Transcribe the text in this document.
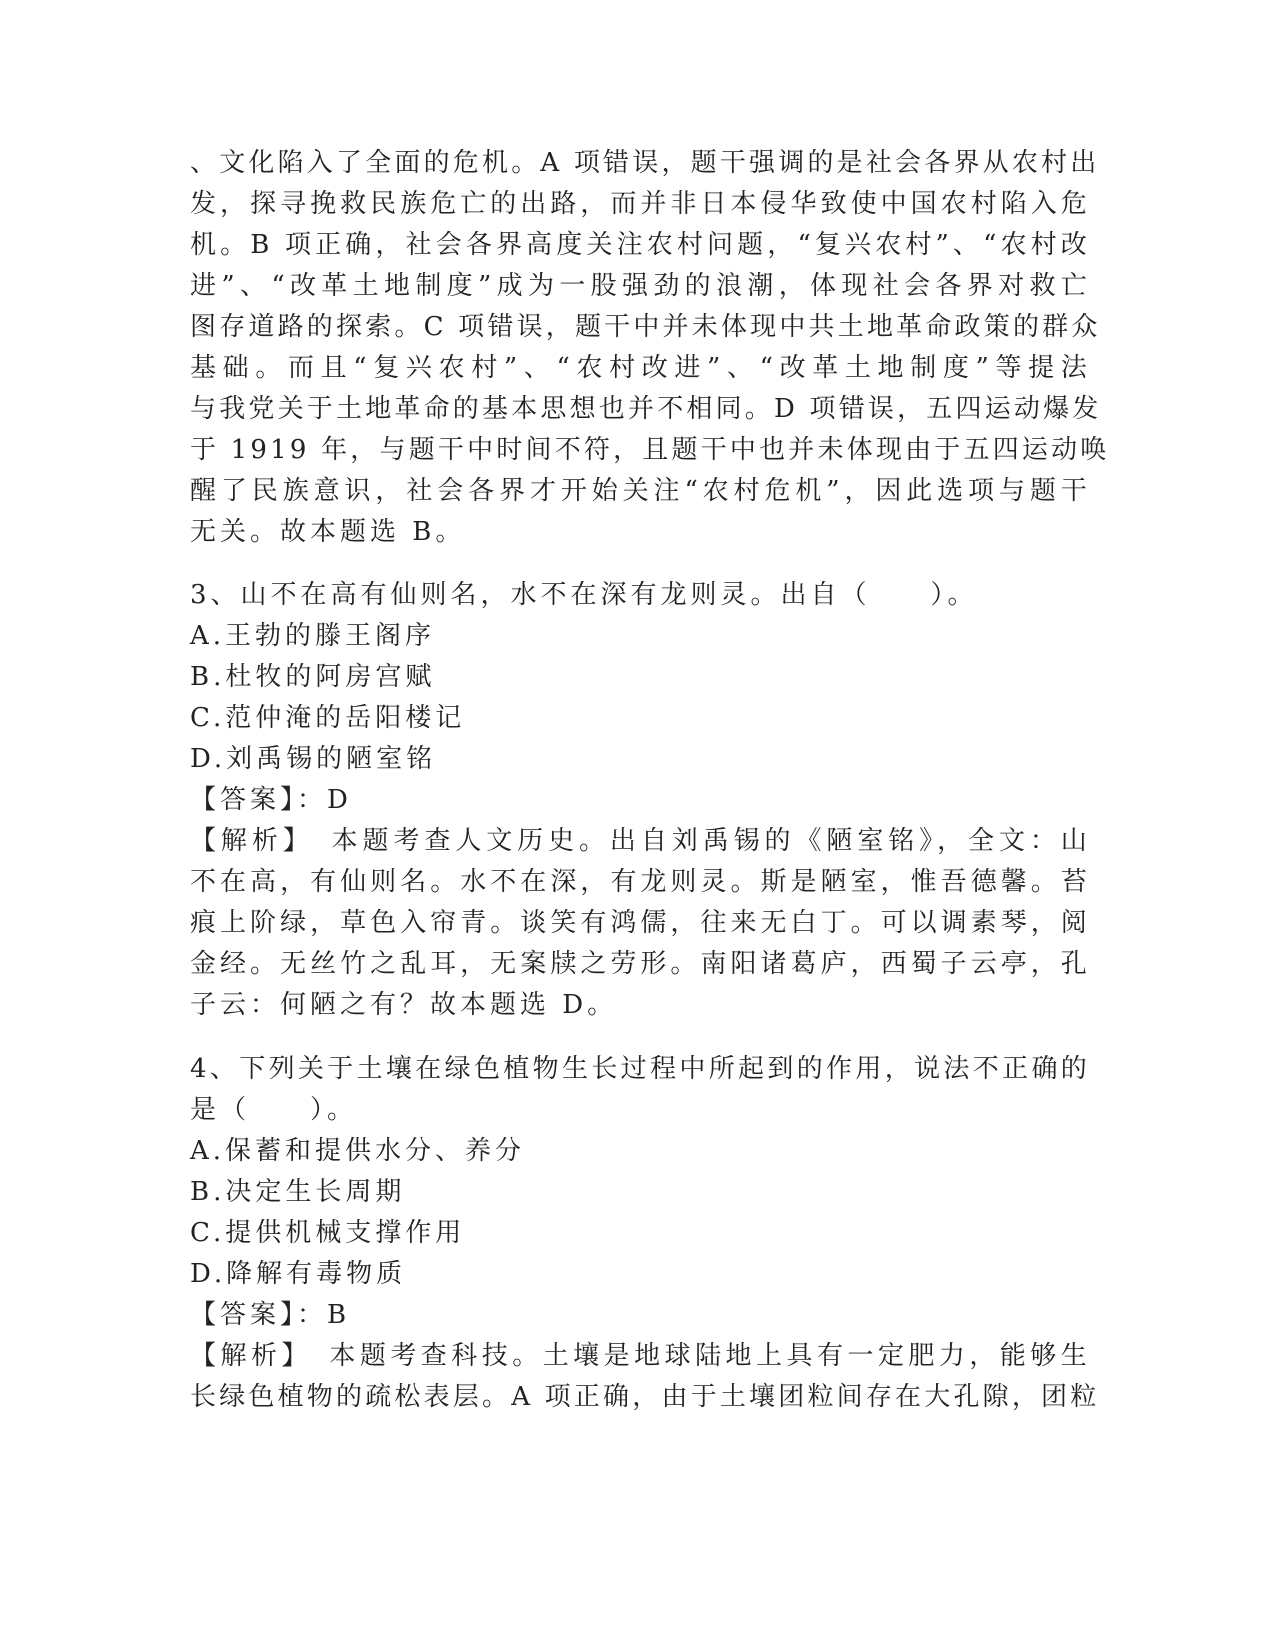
、文化陷入了全面的危机。A 项错误，题干强调的是社会各界从农村出
发，探寻挽救民族危亡的出路，而并非日本侵华致使中国农村陷入危
机。B 项正确，社会各界高度关注农村问题，“复兴农村”、“农村改
进”、“改革土地制度”成为一股强劲的浪潮，体现社会各界对救亡
图存道路的探索。C 项错误，题干中并未体现中共土地革命政策的群众
基础。而且“复兴农村”、“农村改进”、“改革土地制度”等提法
与我党关于土地革命的基本思想也并不相同。D 项错误，五四运动爆发
于 1919 年，与题干中时间不符，且题干中也并未体现由于五四运动唤
醒了民族意识，社会各界才开始关注“农村危机”，因此选项与题干
无关。故本题选 B。
3、山不在高有仙则名，水不在深有龙则灵。出自（　　）。
A.王勃的滕王阁序
B.杜牧的阿房宫赋
C.范仲淹的岳阳楼记
D.刘禹锡的陋室铭
【答案】：D
【解析】　本题考查人文历史。出自刘禹锡的《陋室铭》，全文：山
不在高，有仙则名。水不在深，有龙则灵。斯是陋室，惟吾德馨。苔
痕上阶绿，草色入帘青。谈笑有鸿儒，往来无白丁。可以调素琴，阅
金经。无丝竹之乱耳，无案牍之劳形。南阳诸葛庐，西蜀子云亭，孔
子云：何陋之有？故本题选 D。
4、下列关于土壤在绿色植物生长过程中所起到的作用，说法不正确的
是（　　）。
A.保蓄和提供水分、养分
B.决定生长周期
C.提供机械支撑作用
D.降解有毒物质
【答案】：B
【解析】　本题考查科技。土壤是地球陆地上具有一定肥力，能够生
长绿色植物的疏松表层。A 项正确，由于土壤团粒间存在大孔隙，团粒
